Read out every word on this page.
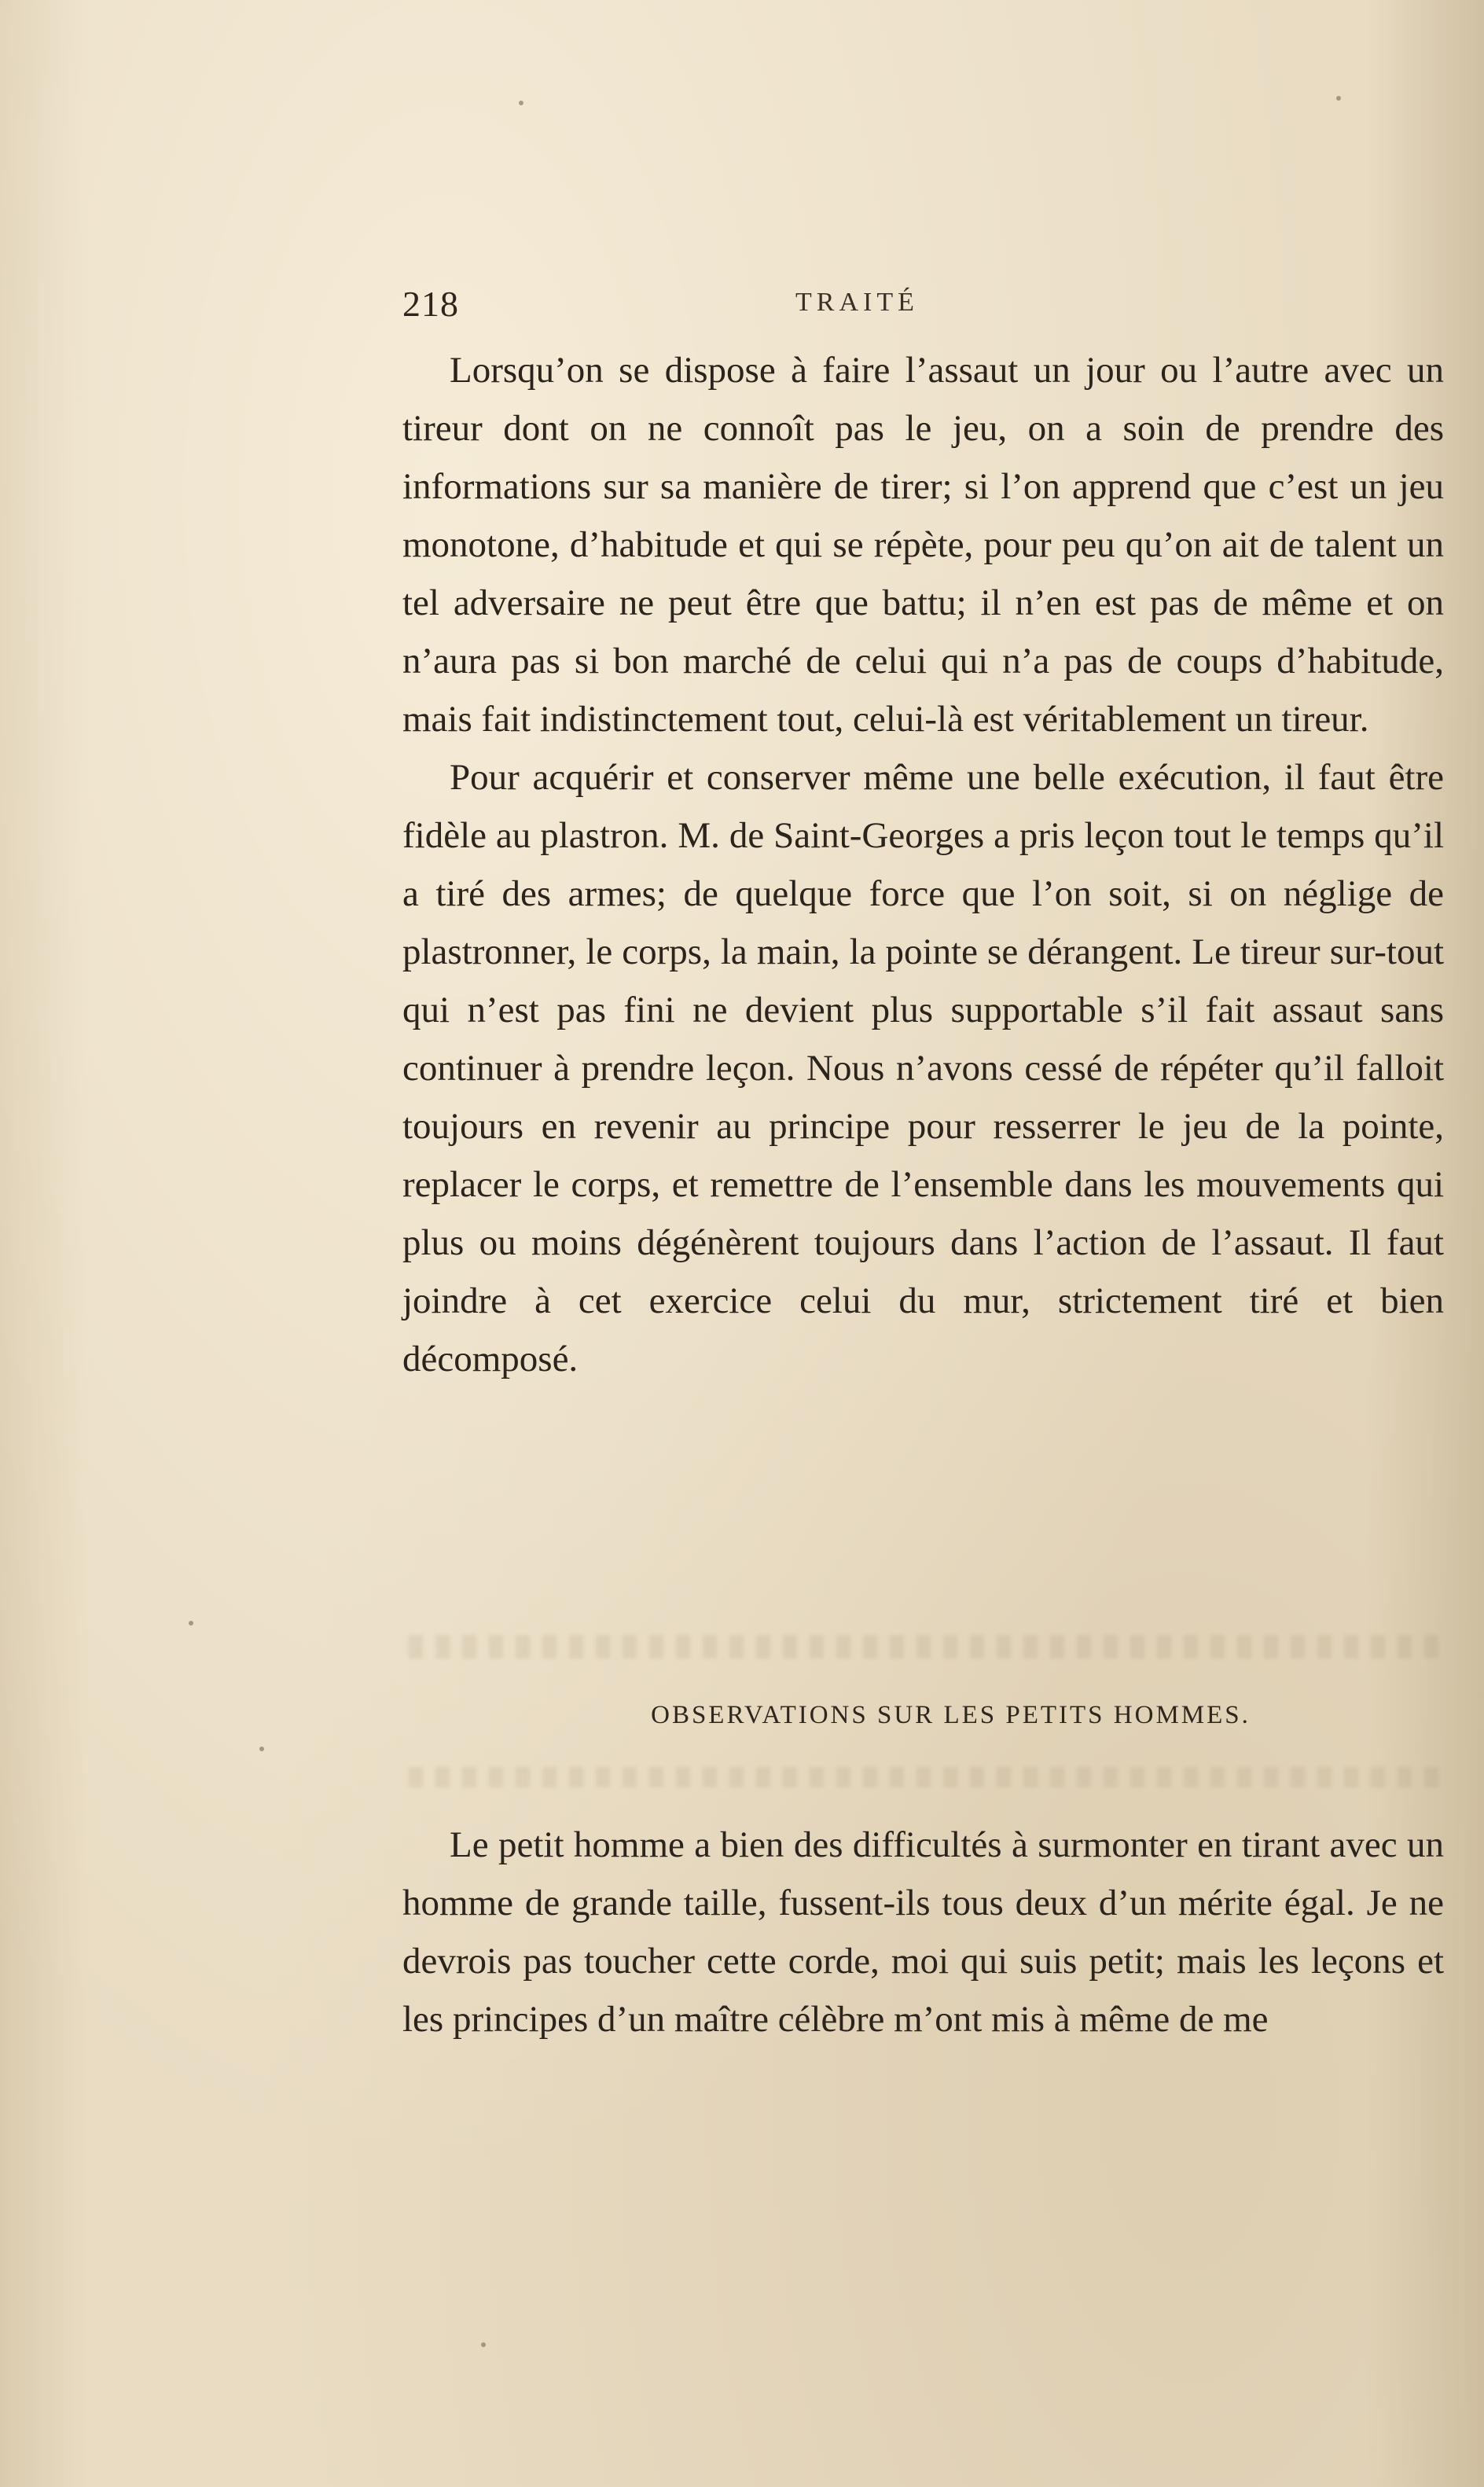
218	TRAITÉ

Lorsqu’on se dispose à faire l’assaut un jour ou l’autre avec un tireur dont on ne connoît pas le jeu, on a soin de prendre des informations sur sa manière de tirer; si l’on apprend que c’est un jeu monotone, d’habitude et qui se répète, pour peu qu’on ait de talent un tel adversaire ne peut être que battu; il n’en est pas de même et on n’aura pas si bon marché de celui qui n’a pas de coups d’habitude, mais fait indistinctement tout, celui-là est véritablement un tireur.

Pour acquérir et conserver même une belle exécution, il faut être fidèle au plastron. M. de Saint-Georges a pris leçon tout le temps qu’il a tiré des armes; de quelque force que l’on soit, si on néglige de plastronner, le corps, la main, la pointe se dérangent. Le tireur sur-tout qui n’est pas fini ne devient plus supportable s’il fait assaut sans continuer à prendre leçon. Nous n’avons cessé de répéter qu’il falloit toujours en revenir au principe pour resserrer le jeu de la pointe, replacer le corps, et remettre de l’ensemble dans les mouvements qui plus ou moins dégénèrent toujours dans l’action de l’assaut. Il faut joindre à cet exercice celui du mur, strictement tiré et bien décomposé.

OBSERVATIONS SUR LES PETITS HOMMES.

Le petit homme a bien des difficultés à surmonter en tirant avec un homme de grande taille, fussent-ils tous deux d’un mérite égal. Je ne devrois pas toucher cette corde, moi qui suis petit; mais les leçons et les principes d’un maître célèbre m’ont mis à même de me
